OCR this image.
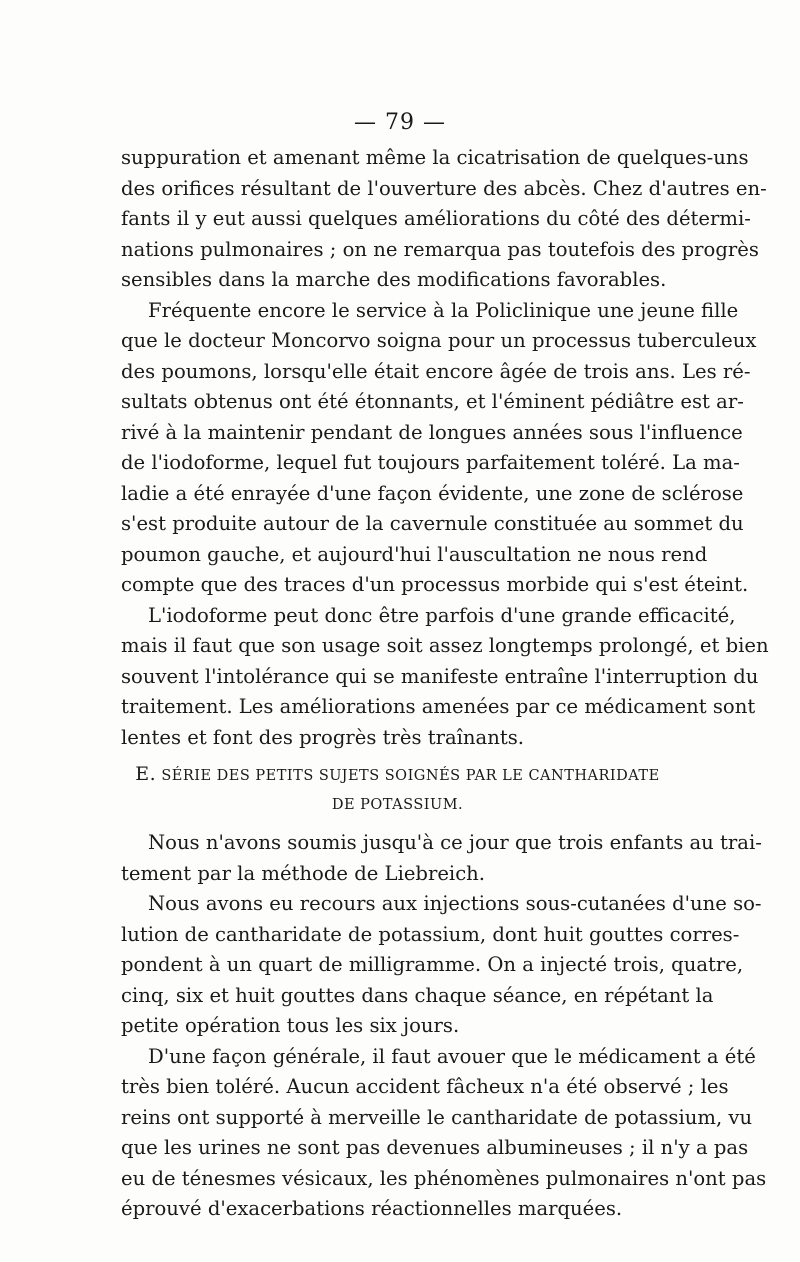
— 79 —
suppuration et amenant même la cicatrisation de quelques-uns
des orifices résultant de l'ouverture des abcès. Chez d'autres en-
fants il y eut aussi quelques améliorations du côté des détermi-
nations pulmonaires ; on ne remarqua pas toutefois des progrès
sensibles dans la marche des modifications favorables.
Fréquente encore le service à la Policlinique une jeune fille
que le docteur Moncorvo soigna pour un processus tuberculeux
des poumons, lorsqu'elle était encore âgée de trois ans. Les ré-
sultats obtenus ont été étonnants, et l'éminent pédiâtre est ar-
rivé à la maintenir pendant de longues années sous l'influence
de l'iodoforme, lequel fut toujours parfaitement toléré. La ma-
ladie a été enrayée d'une façon évidente, une zone de sclérose
s'est produite autour de la cavernule constituée au sommet du
poumon gauche, et aujourd'hui l'auscultation ne nous rend
compte que des traces d'un processus morbide qui s'est éteint.
L'iodoforme peut donc être parfois d'une grande efficacité,
mais il faut que son usage soit assez longtemps prolongé, et bien
souvent l'intolérance qui se manifeste entraîne l'interruption du
traitement. Les améliorations amenées par ce médicament sont
lentes et font des progrès très traînants.
E. SÉRIE DES PETITS SUJETS SOIGNÉS PAR LE CANTHARIDATE
DE POTASSIUM.
Nous n'avons soumis jusqu'à ce jour que trois enfants au trai-
tement par la méthode de Liebreich.
Nous avons eu recours aux injections sous-cutanées d'une so-
lution de cantharidate de potassium, dont huit gouttes corres-
pondent à un quart de milligramme. On a injecté trois, quatre,
cinq, six et huit gouttes dans chaque séance, en répétant la
petite opération tous les six jours.
D'une façon générale, il faut avouer que le médicament a été
très bien toléré. Aucun accident fâcheux n'a été observé ; les
reins ont supporté à merveille le cantharidate de potassium, vu
que les urines ne sont pas devenues albumineuses ; il n'y a pas
eu de ténesmes vésicaux, les phénomènes pulmonaires n'ont pas
éprouvé d'exacerbations réactionnelles marquées.
